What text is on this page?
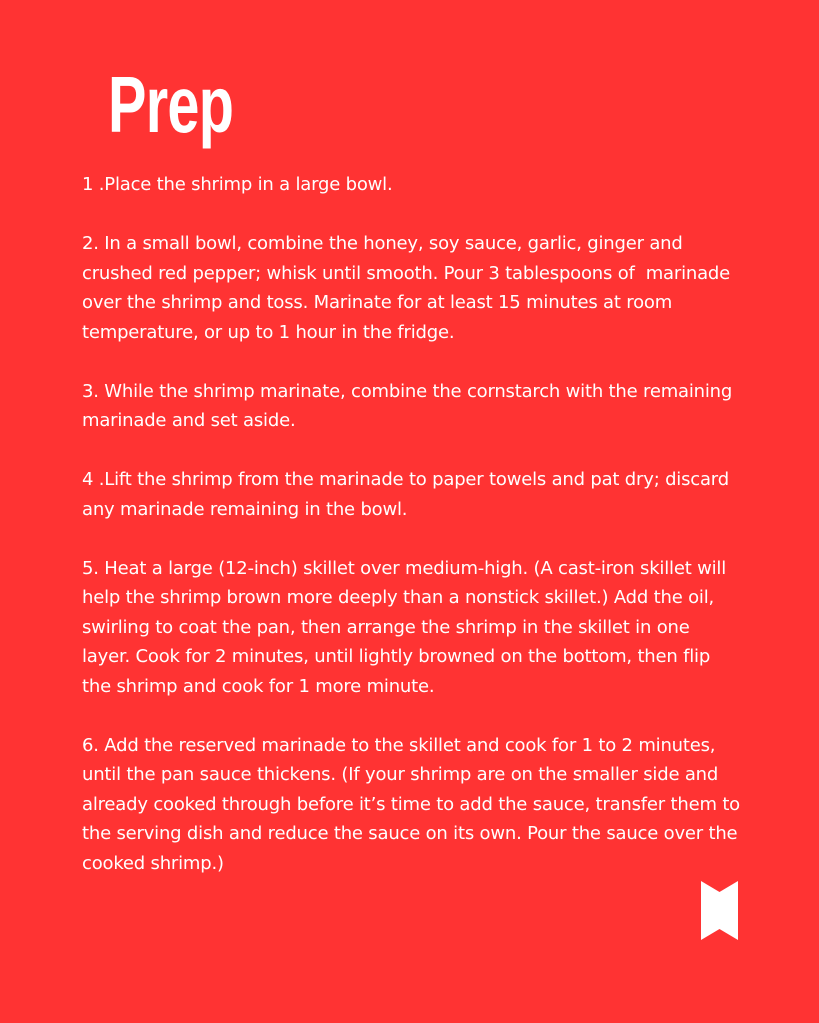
Prep
1 .Place the shrimp in a large bowl.
2. In a small bowl, combine the honey, soy sauce, garlic, ginger and crushed red pepper; whisk until smooth. Pour 3 tablespoons of  marinade over the shrimp and toss. Marinate for at least 15 minutes at room temperature, or up to 1 hour in the fridge.
3. While the shrimp marinate, combine the cornstarch with the remaining marinade and set aside.
4 .Lift the shrimp from the marinade to paper towels and pat dry; discard any marinade remaining in the bowl.
5. Heat a large (12-inch) skillet over medium-high. (A cast-iron skillet will help the shrimp brown more deeply than a nonstick skillet.) Add the oil, swirling to coat the pan, then arrange the shrimp in the skillet in one layer. Cook for 2 minutes, until lightly browned on the bottom, then flip the shrimp and cook for 1 more minute.
6. Add the reserved marinade to the skillet and cook for 1 to 2 minutes, until the pan sauce thickens. (If your shrimp are on the smaller side and already cooked through before it’s time to add the sauce, transfer them to the serving dish and reduce the sauce on its own. Pour the sauce over the cooked shrimp.)
